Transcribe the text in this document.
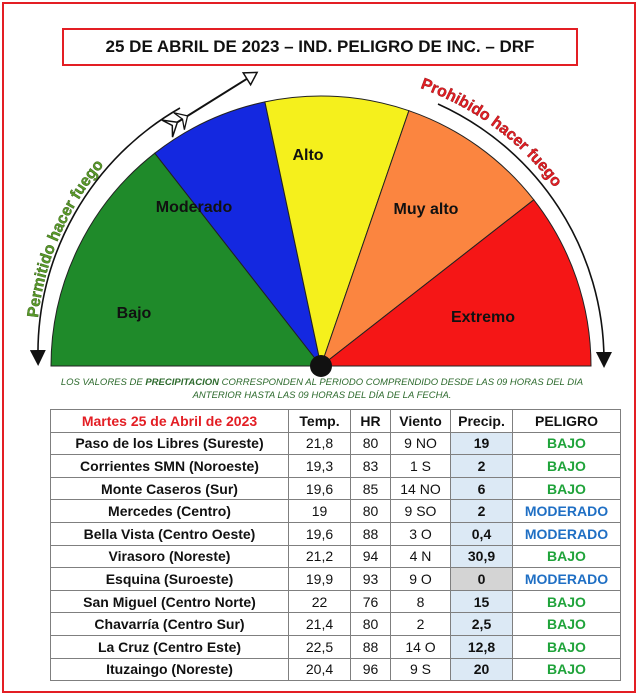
25 DE ABRIL DE 2023 – IND. PELIGRO DE INC. – DRF
Bajo
Moderado
Alto
Muy alto
Extremo
Permitido hacer fuego
Prohibido hacer fuego
LOS VALORES DE PRECIPITACION CORRESPONDEN AL PERIODO COMPRENDIDO DESDE LAS 09 HORAS DEL DIA
ANTERIOR HASTA LAS 09 HORAS DEL DÍA DE LA FECHA.
Martes 25 de Abril de 2023	Temp.	HR	Viento	Precip.	PELIGRO
Paso de los Libres (Sureste)	21,8	80	9 NO	19	BAJO
Corrientes SMN (Noroeste)	19,3	83	1 S	2	BAJO
Monte Caseros (Sur)	19,6	85	14 NO	6	BAJO
Mercedes (Centro)	19	80	9 SO	2	MODERADO
Bella Vista (Centro Oeste)	19,6	88	3 O	0,4	MODERADO
Virasoro (Noreste)	21,2	94	4 N	30,9	BAJO
Esquina (Suroeste)	19,9	93	9 O	0	MODERADO
San Miguel (Centro Norte)	22	76	8	15	BAJO
Chavarría (Centro Sur)	21,4	80	2	2,5	BAJO
La Cruz (Centro Este)	22,5	88	14 O	12,8	BAJO
Ituzaingo (Noreste)	20,4	96	9 S	20	BAJO
